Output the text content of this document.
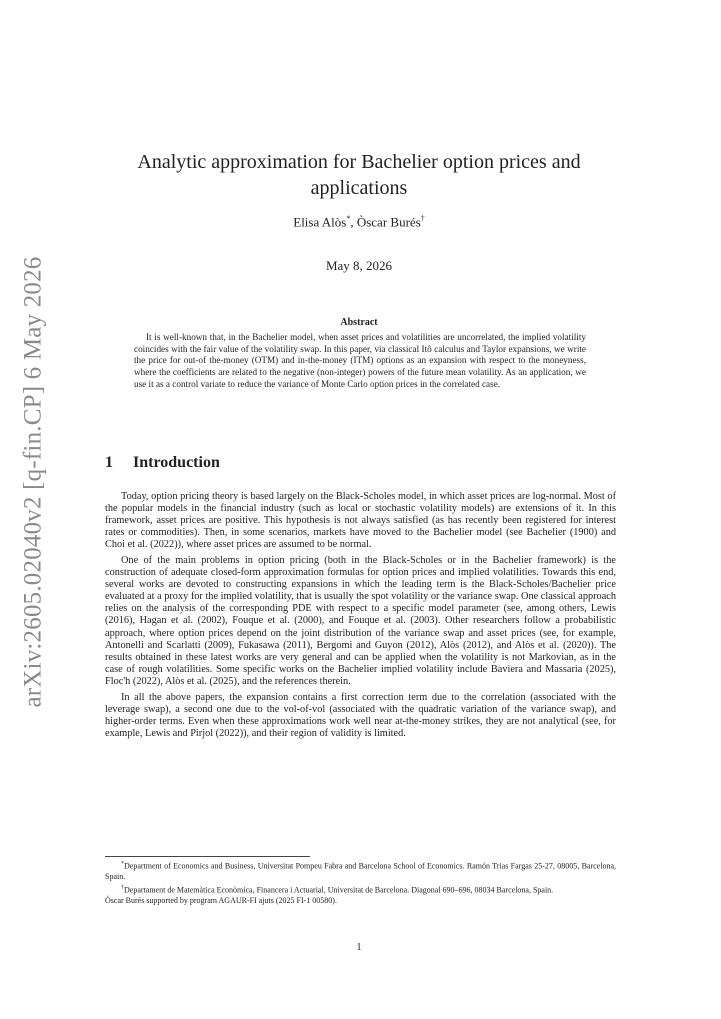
arXiv:2605.02040v2 [q-fin.CP] 6 May 2026
Analytic approximation for Bachelier option prices and applications
Elisa Alòs*, Òscar Burés†
May 8, 2026
Abstract

It is well-known that, in the Bachelier model, when asset prices and volatilities are uncorrelated, the implied volatility coincides with the fair value of the volatility swap. In this paper, via classical Itô calculus and Taylor expansions, we write the price for out-of the-money (OTM) and in-the-money (ITM) options as an expansion with respect to the moneyness, where the coefficients are related to the negative (non-integer) powers of the future mean volatility. As an application, we use it as a control variate to reduce the variance of Monte Carlo option prices in the correlated case.

1 Introduction

Today, option pricing theory is based largely on the Black-Scholes model, in which asset prices are log-normal. Most of the popular models in the financial industry (such as local or stochastic volatility models) are extensions of it. In this framework, asset prices are positive. This hypothesis is not always satisfied (as has recently been registered for interest rates or commodities). Then, in some scenarios, markets have moved to the Bachelier model (see Bachelier (1900) and Choi et al. (2022)), where asset prices are assumed to be normal.

One of the main problems in option pricing (both in the Black-Scholes or in the Bachelier framework) is the construction of adequate closed-form approximation formulas for option prices and implied volatilities. Towards this end, several works are devoted to constructing expansions in which the leading term is the Black-Scholes/Bachelier price evaluated at a proxy for the implied volatility, that is usually the spot volatility or the variance swap. One classical approach relies on the analysis of the corresponding PDE with respect to a specific model parameter (see, among others, Lewis (2016), Hagan et al. (2002), Fouque et al. (2000), and Fouque et al. (2003). Other researchers follow a probabilistic approach, where option prices depend on the joint distribution of the variance swap and asset prices (see, for example, Antonelli and Scarlatti (2009), Fukasawa (2011), Bergomi and Guyon (2012), Alòs (2012), and Alòs et al. (2020)). The results obtained in these latest works are very general and can be applied when the volatility is not Markovian, as in the case of rough volatilities. Some specific works on the Bachelier implied volatility include Baviera and Massaria (2025), Floc'h (2022), Alòs et al. (2025), and the references therein.

In all the above papers, the expansion contains a first correction term due to the correlation (associated with the leverage swap), a second one due to the vol-of-vol (associated with the quadratic variation of the variance swap), and higher-order terms. Even when these approximations work well near at-the-money strikes, they are not analytical (see, for example, Lewis and Pirjol (2022)), and their region of validity is limited.

*Department of Economics and Business, Universitat Pompeu Fabra and Barcelona School of Economics. Ramón Trias Fargas 25-27, 08005, Barcelona, Spain.

†Departament de Matemàtica Econòmica, Financera i Actuarial, Universitat de Barcelona. Diagonal 690–696, 08034 Barcelona, Spain.

Òscar Burés supported by program AGAUR-FI ajuts (2025 FI-1 00580).

1
